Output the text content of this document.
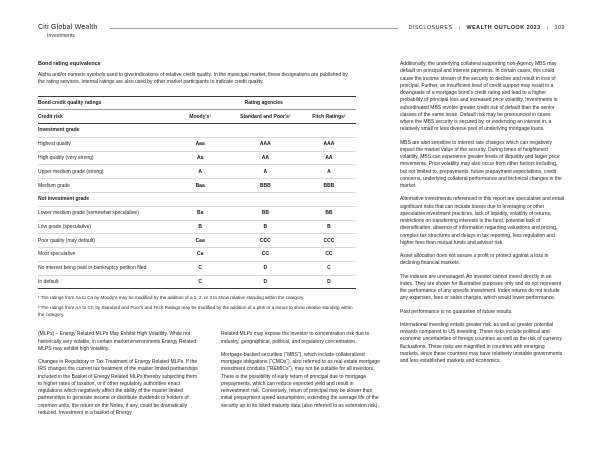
Citi Global Wealth
Investments
DISCLOSURES | WEALTH OUTLOOK 2023 | 109
Bond rating equivalence

Alpha and/or numeric symbols used to give indications of relative credit quality. In the municipal market, these designations are published by the rating services. Internal ratings are also used by other market participants to indicate credit quality.

Bond credit quality ratings	Rating agencies
Credit risk	Moody's¹	Standard and Poor's²	Fitch Ratings²
Investment grade
Highest quality	Aaa	AAA	AAA
High quality (very strong)	Aa	AA	AA
Upper medium grade (strong)	A	A	A
Medium grade	Baa	BBB	BBB
Not investment grade
Lower medium grade (somewhat speculative)	Ba	BB	BB
Low grade (speculative)	B	B	B
Poor quality (may default)	Caa	CCC	CCC
Most speculative	Ca	CC	CC
No interest being paid or bankruptcy petition filed	C	D	C
In default	C	D	D

¹ The ratings from Aa to Ca by Moody's may be modified by the addition of a 1, 2, or 3 to show relative standing within the category.

² The ratings from AA to CC by Standard and Poor's and Fitch Ratings may be modified by the addition of a plus or a minus to show relative standing within the category.

(MLPs) – Energy Related MLPs May Exhibit High Volatility. While not historically very volatile, in certain market environments Energy Related MLPS may exhibit high volatility.

Changes in Regulatory or Tax Treatment of Energy Related MLPs. If the IRS changes the current tax treatment of the master limited partnerships included in the Basket of Energy Related MLPs thereby subjecting them to higher rates of taxation, or if other regulatory authorities enact regulations which negatively affect the ability of the master limited partnerships to generate income or distribute dividends to holders of common units, the return on the Notes, if any, could be dramatically reduced. Investment in a basket of Energy

Related MLPs may expose the investor to concentration risk due to industry, geographical, political, and regulatory concentration.

Mortgage-backed securities (“MBS”), which include collateralized mortgage obligations (“CMOs”), also referred to as real estate mortgage investment conduits (“REMICs”), may not be suitable for all investors. There is the possibility of early return of principal due to mortgage prepayments, which can reduce expected yield and result in reinvestment risk. Conversely, return of principal may be slower than initial prepayment speed assumptions, extending the average life of the security up to its listed maturity date (also referred to as extension risk).

Additionally, the underlying collateral supporting non-Agency MBS may default on principal and interest payments. In certain cases, this could cause the income stream of the security to decline and result in loss of principal. Further, an insufficient level of credit support may result in a downgrade of a mortgage bond's credit rating and lead to a higher probability of principal loss and increased price volatility. Investments in subordinated MBS involve greater credit risk of default than the senior classes of the same issue. Default risk may be pronounced in cases where the MBS security is secured by, or evidencing an interest in, a relatively small or less diverse pool of underlying mortgage loans.

MBS are also sensitive to interest rate changes which can negatively impact the market value of the security. During times of heightened volatility, MBS can experience greater levels of illiquidity and larger price movements. Price volatility may also occur from other factors including, but not limited to, prepayments, future prepayment expectations, credit concerns, underlying collateral performance and technical changes in the market.

Alternative investments referenced in this report are speculative and entail significant risks that can include losses due to leveraging or other speculative investment practices, lack of liquidity, volatility of returns, restrictions on transferring interests in the fund, potential lack of diversification, absence of information regarding valuations and pricing, complex tax structures and delays in tax reporting, less regulation and higher fees than mutual funds and advisor risk.

Asset allocation does not assure a profit or protect against a loss in declining financial markets.

The indexes are unmanaged. An investor cannot invest directly in an index. They are shown for illustrative purposes only and do not represent the performance of any specific investment. Index returns do not include any expenses, fees or sales charges, which would lower performance.

Past performance is no guarantee of future results.

International investing entails greater risk, as well as greater potential rewards compared to US investing. These risks include political and economic uncertainties of foreign countries as well as the risk of currency fluctuations. These risks are magnified in countries with emerging markets, since these countries may have relatively unstable governments and less established markets and economics.
